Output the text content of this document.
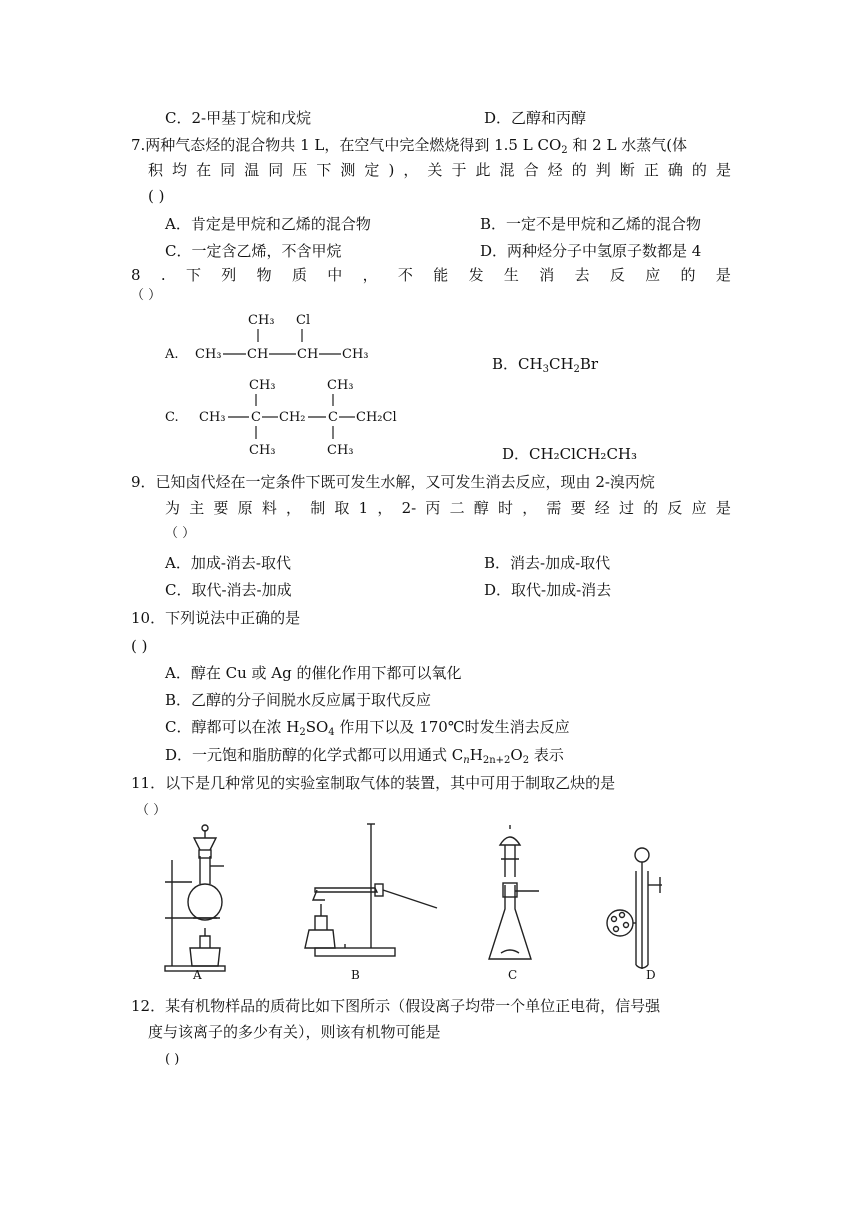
C．2-甲基丁烷和戊烷	D．乙醇和丙醇
7.两种气态烃的混合物共 1 L，在空气中完全燃烧得到 1.5 L $CO_2$ 和 2 L 水蒸气(体
积 均 在 同 温 同 压 下 测 定 ) ， 关 于 此 混 合 烃 的 判 断 正 确 的 是
( )
A．肯定是甲烷和乙烯的混合物	B．一定不是甲烷和乙烯的混合物
C．一定含乙烯，不含甲烷	D．两种烃分子中氢原子数都是 4
8 . 下 列 物 质 中 ， 不 能 发 生 消 去 反 应 的 是
（ ）
A. CH₃ CH CH CH₃
CH₃ Cl
B．$CH_3CH_2Br$
C. CH₃ C CH₂ C CH₂Cl
CH₃
CH₃
CH₃
CH₃	D．CH₂ClCH₂CH₃
9．已知卤代烃在一定条件下既可发生水解，又可发生消去反应，现由 2-溴丙烷
为 主 要 原 料 ， 制 取 1 ， 2- 丙 二 醇 时 ， 需 要 经 过 的 反 应 是
（ ）
A．加成-消去-取代	B．消去-加成-取代
C．取代-消去-加成	D．取代-加成-消去
10．下列说法中正确的是
( )
A．醇在 Cu 或 Ag 的催化作用下都可以氧化
B．乙醇的分子间脱水反应属于取代反应
C．醇都可以在浓 $H_2SO_4$ 作用下以及 170℃时发生消去反应
D．一元饱和脂肪醇的化学式都可以用通式 $C_nH_{2n+2}O_2$ 表示
11．以下是几种常见的实验室制取气体的装置，其中可用于制取乙炔的是
（ ）
A	B	C	D
12．某有机物样品的质荷比如下图所示（假设离子均带一个单位正电荷，信号强
度与该离子的多少有关），则该有机物可能是
( )
